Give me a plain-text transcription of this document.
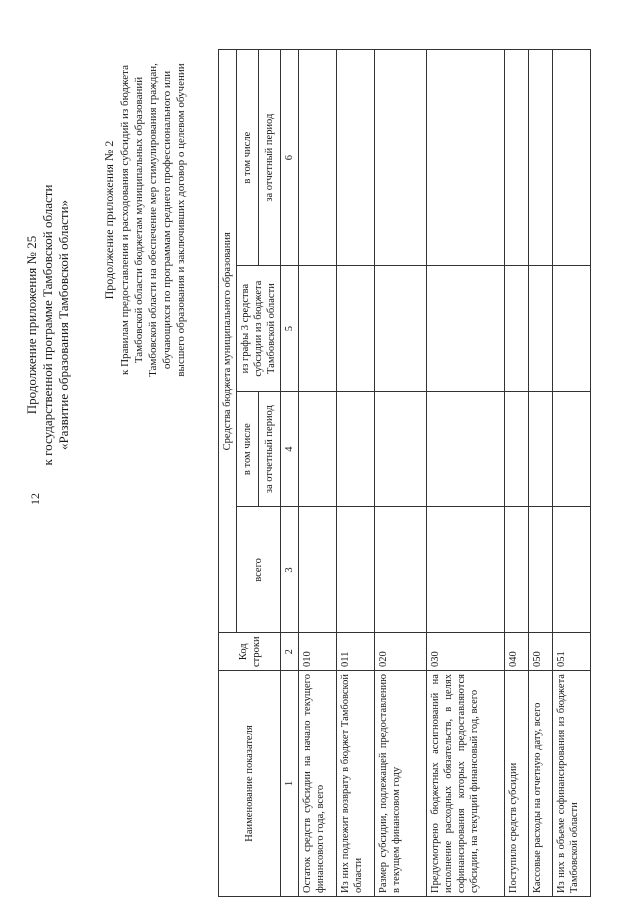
12
Продолжение приложения № 25 к государственной программе Тамбовской области «Развитие образования Тамбовской области»	Продолжение приложения № 2 к Правилам предоставления и расходования субсидий из бюджета Тамбовской области бюджетам муниципальных образований Тамбовской области на обеспечение мер стимулирования граждан, обучающихся по программам среднего профессионального или высшего образования и заключивших договор о целевом обучении
Наименование показателя	Код строки	Средства бюджета муниципального образования			
		всего	в том числе	из графы 3 средства субсидии из бюджета Тамбовской области	в том числе
			за отчетный период		за отчетный период
1	2	3	4	5	6
Остаток средств субсидии на начало текущего финансового года, всего	010				
Из них подлежит возврату в бюджет Тамбовской области	011				
Размер субсидии, подлежащей предоставлению в текущем финансовом году	020				
Предусмотрено бюджетных ассигнований на исполнение расходных обязательств, в целях софинансирования которых предоставляются субсидии, на текущий финансовый год, всего	030				
Поступило средств субсидии	040				
Кассовые расходы на отчетную дату, всего	050				
Из них в объеме софинансирования из бюджета Тамбовской области	051				
